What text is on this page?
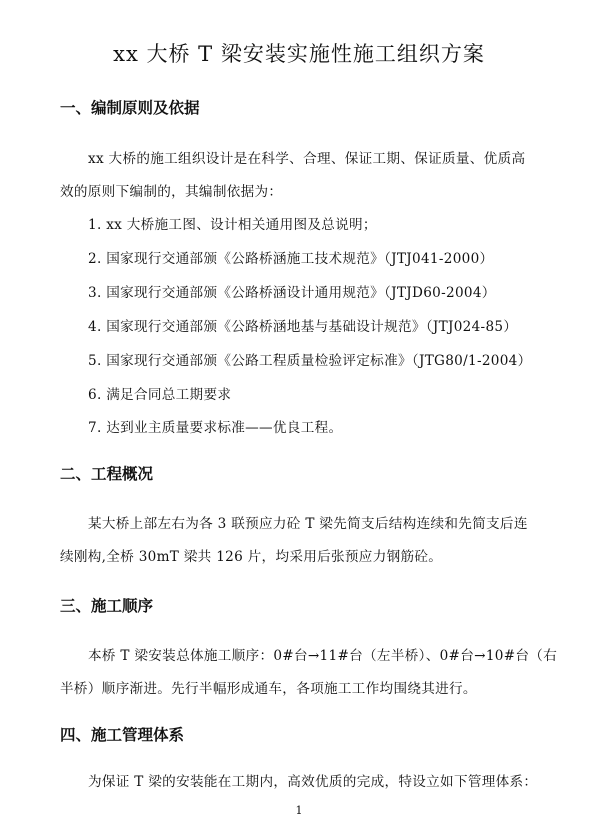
xx 大桥 T 梁安装实施性施工组织方案
一、编制原则及依据
xx 大桥的施工组织设计是在科学、合理、保证工期、保证质量、优质高
效的原则下编制的，其编制依据为：
1. xx 大桥施工图、设计相关通用图及总说明；
2. 国家现行交通部颁《公路桥涵施工技术规范》（JTJ041-2000）
3. 国家现行交通部颁《公路桥涵设计通用规范》（JTJD60-2004）
4. 国家现行交通部颁《公路桥涵地基与基础设计规范》（JTJ024-85）
5. 国家现行交通部颁《公路工程质量检验评定标准》（JTG80/1-2004）
6. 满足合同总工期要求
7. 达到业主质量要求标准——优良工程。
二、工程概况
某大桥上部左右为各 3 联预应力砼 T 梁先简支后结构连续和先简支后连
续刚构,全桥 30mT 梁共 126 片，均采用后张预应力钢筋砼。
三、施工顺序
本桥 T 梁安装总体施工顺序：0#台→11#台（左半桥）、0#台→10#台（右
半桥）顺序渐进。先行半幅形成通车，各项施工工作均围绕其进行。
四、施工管理体系
为保证 T 梁的安装能在工期内，高效优质的完成，特设立如下管理体系：
1
